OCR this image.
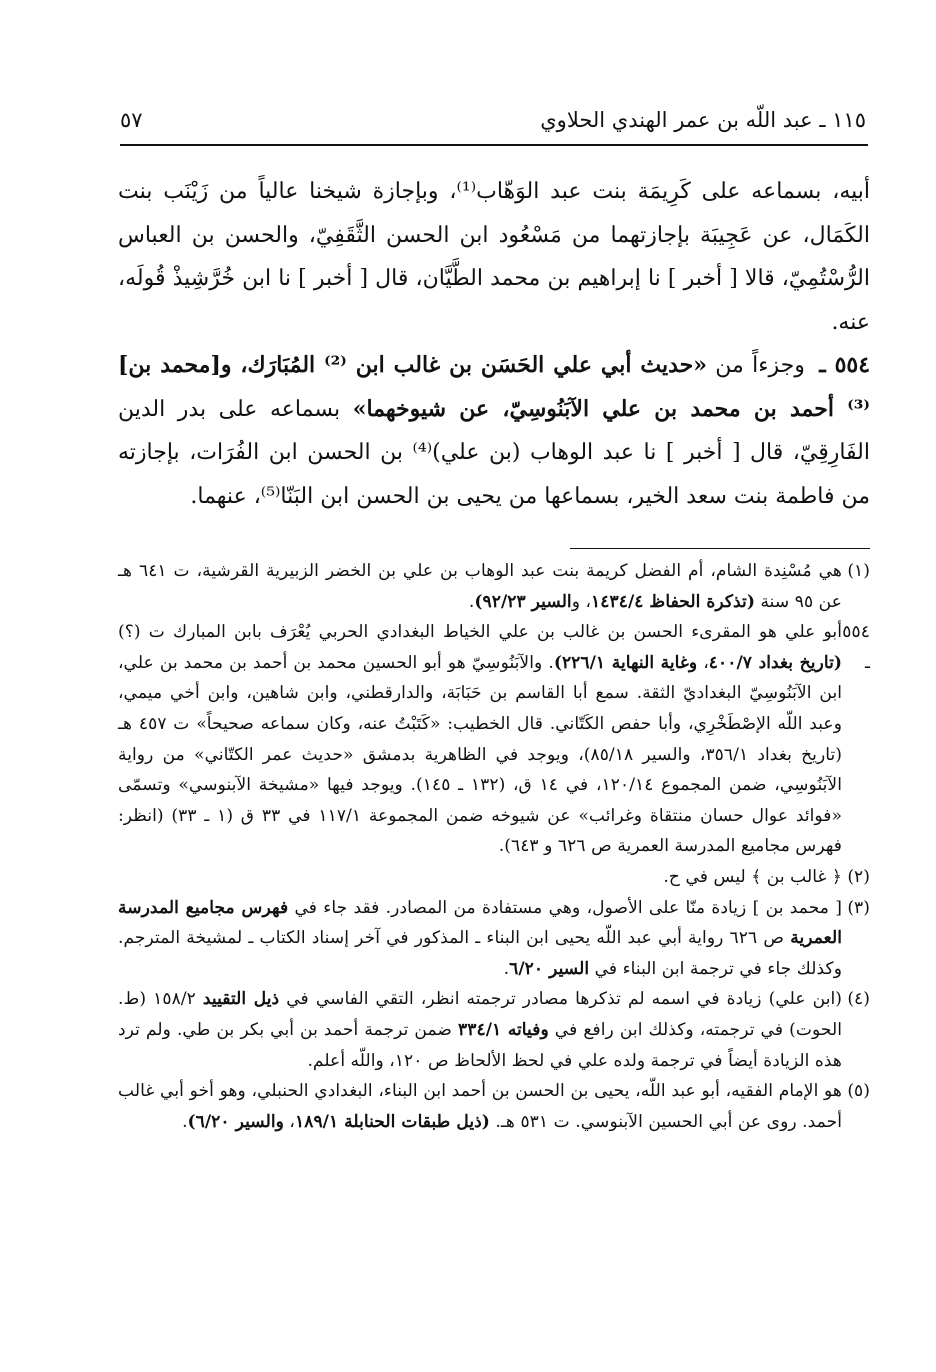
١١٥ ـ عبد اللّه بن عمر الهندي الحلاوي
٥٧

أبيه، بسماعه على كَرِيمَة بنت عبد الوَهّاب⁽¹⁾، وبإجازة شيخنا عالياً من زَيْنَب بنت الكَمَال، عن عَجِيبَة بإجازتهما من مَسْعُود ابن الحسن الثَّقَفِيّ، والحسن بن العباس الرُّسْتُمِيّ، قالا [ أخبر ] نا إبراهيم بن محمد الطَّيَّان، قال [ أخبر ] نا ابن خُرَّشِيذْ قُولَه، عنه.

٥٥٤ ـ وجزءاً من «حديث أبي علي الحَسَن بن غالب ابن ⁽²⁾ المُبَارَك، و[محمد بن]⁽³⁾ أحمد بن محمد بن علي الآبَنُوسِيّ، عن شيوخهما» بسماعه على بدر الدين الفَارِقِيّ، قال [ أخبر ] نا عبد الوهاب (بن علي)⁽⁴⁾ بن الحسن ابن الفُرَات، بإجازته من فاطمة بنت سعد الخير، بسماعها من يحيى بن الحسن ابن البَنّا⁽⁵⁾، عنهما.

(١)
هي مُسْنِدة الشام، أم الفضل كريمة بنت عبد الوهاب بن علي بن الخضر الزبيرية القرشية، ت ٦٤١ هـ عن ٩٥ سنة (تذكرة الحفاظ ١٤٣٤/٤، والسير ٩٢/٢٣).

٥٥٤ ـ
أبو علي هو المقرىء الحسن بن غالب بن علي الخياط البغدادي الحربي يُعْرَف بابن المبارك ت (؟) (تاريخ بغداد ٤٠٠/٧، وغاية النهاية ٢٢٦/١). والآبَنُوسِيّ هو أبو الحسين محمد بن أحمد بن محمد بن علي، ابن الآبَنُوسِيّ البغداديّ الثقة. سمع أبا القاسم بن حَبَابَة، والدارقطني، وابن شاهين، وابن أخي ميمي، وعبد اللّه الإصْطَخْرِي، وأبا حفص الكَتّاني. قال الخطيب: «كَتَبْتُ عنه، وكان سماعه صحيحاً» ت ٤٥٧ هـ (تاريخ بغداد ٣٥٦/١، والسير ٨٥/١٨)، ويوجد في الظاهرية بدمشق «حديث عمر الكتّاني» من رواية الآبَنُوسِي، ضمن المجموع ١٢٠/١٤، في ١٤ ق، (١٣٢ ـ ١٤٥). ويوجد فيها «مشيخة الآبنوسي» وتسمّى «فوائد عوال حسان منتقاة وغرائب» عن شيوخه ضمن المجموعة ١١٧/١ في ٣٣ ق (١ ـ ٣٣) (انظر: فهرس مجاميع المدرسة العمرية ص ٦٢٦ و ٦٤٣).

(٢)
﴿ غالب بن ﴾ ليس في ح.

(٣)
[ محمد بن ] زيادة منّا على الأصول، وهي مستفادة من المصادر. فقد جاء في فهرس مجاميع المدرسة العمرية ص ٦٢٦ رواية أبي عبد اللّه يحيى ابن البناء ـ المذكور في آخر إسناد الكتاب ـ لمشيخة المترجم. وكذلك جاء في ترجمة ابن البناء في السير ٦/٢٠.

(٤)
(ابن علي) زيادة في اسمه لم تذكرها مصادر ترجمته انظر، التقي الفاسي في ذيل التقييد ١٥٨/٢ (ط. الحوت) في ترجمته، وكذلك ابن رافع في وفياته ٣٣٤/١ ضمن ترجمة أحمد بن أبي بكر بن طي. ولم ترد هذه الزيادة أيضاً في ترجمة ولده علي في لحظ الألحاظ ص ١٢٠، واللّه أعلم.

(٥)
هو الإمام الفقيه، أبو عبد اللّه، يحيى بن الحسن بن أحمد ابن البناء، البغدادي الحنبلي، وهو أخو أبي غالب أحمد. روى عن أبي الحسين الآبنوسي. ت ٥٣١ هـ. (ذيل طبقات الحنابلة ١٨٩/١، والسير ٦/٢٠).
